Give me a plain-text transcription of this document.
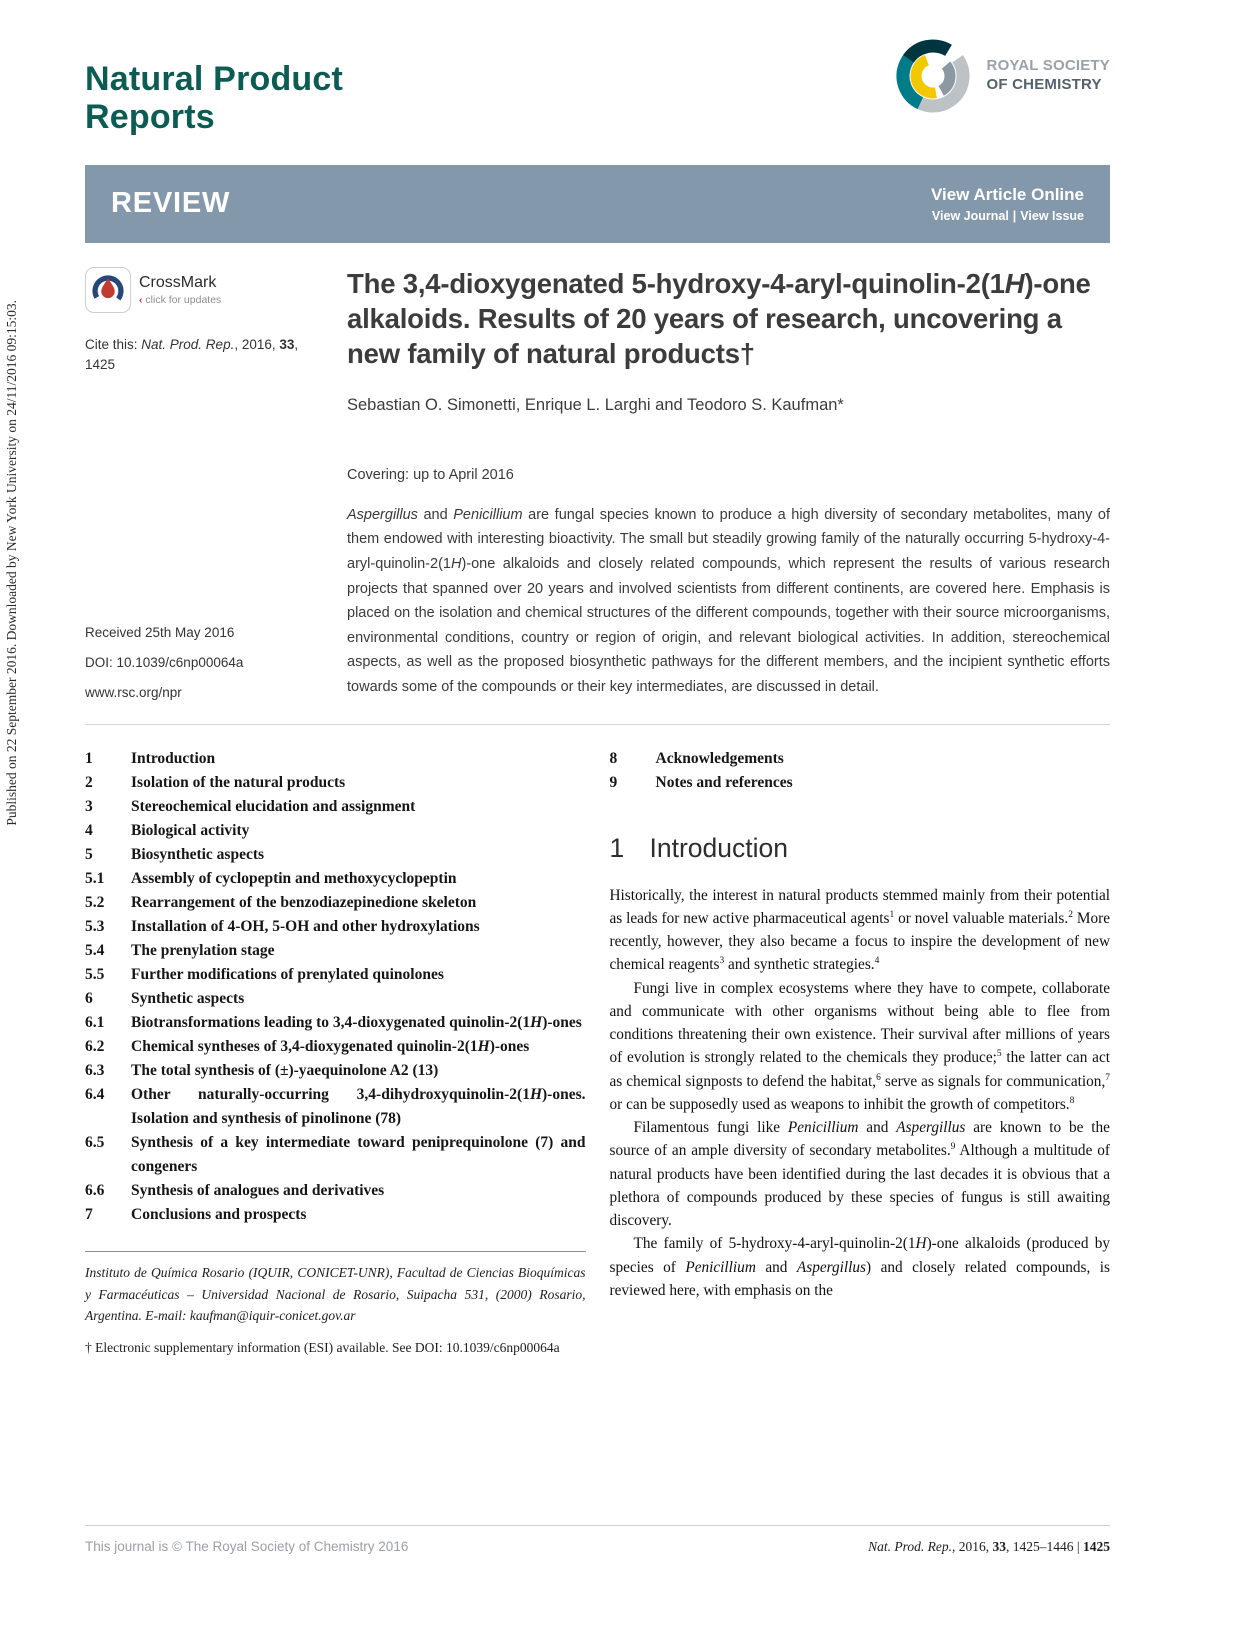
Published on 22 September 2016. Downloaded by New York University on 24/11/2016 09:15:03.
Natural Product
Reports
ROYAL SOCIETY
OF CHEMISTRY
REVIEW	View Article Online
View Journal | View Issue
CrossMark
‹ click for updates
Cite this: Nat. Prod. Rep., 2016, 33, 1425
The 3,4-dioxygenated 5-hydroxy-4-aryl-quinolin-2(1H)-one alkaloids. Results of 20 years of research, uncovering a new family of natural products†
Sebastian O. Simonetti, Enrique L. Larghi and Teodoro S. Kaufman*
Received 25th May 2016
DOI: 10.1039/c6np00064a
www.rsc.org/npr
Covering: up to April 2016

Aspergillus and Penicillium are fungal species known to produce a high diversity of secondary metabolites, many of them endowed with interesting bioactivity. The small but steadily growing family of the naturally occurring 5-hydroxy-4-aryl-quinolin-2(1H)-one alkaloids and closely related compounds, which represent the results of various research projects that spanned over 20 years and involved scientists from different continents, are covered here. Emphasis is placed on the isolation and chemical structures of the different compounds, together with their source microorganisms, environmental conditions, country or region of origin, and relevant biological activities. In addition, stereochemical aspects, as well as the proposed biosynthetic pathways for the different members, and the incipient synthetic efforts towards some of the compounds or their key intermediates, are discussed in detail.

1	Introduction
2	Isolation of the natural products
3	Stereochemical elucidation and assignment
4	Biological activity
5	Biosynthetic aspects
5.1	Assembly of cyclopeptin and methoxycyclopeptin
5.2	Rearrangement of the benzodiazepinedione skeleton
5.3	Installation of 4-OH, 5-OH and other hydroxylations
5.4	The prenylation stage
5.5	Further modifications of prenylated quinolones
6	Synthetic aspects
6.1	Biotransformations leading to 3,4-dioxygenated quinolin-2(1H)-ones
6.2	Chemical syntheses of 3,4-dioxygenated quinolin-2(1H)-ones
6.3	The total synthesis of (±)-yaequinolone A2 (13)
6.4	Other naturally-occurring 3,4-dihydroxyquinolin-2(1H)-ones. Isolation and synthesis of pinolinone (78)
6.5	Synthesis of a key intermediate toward peniprequinolone (7) and congeners
6.6	Synthesis of analogues and derivatives
7	Conclusions and prospects

Instituto de Química Rosario (IQUIR, CONICET-UNR), Facultad de Ciencias Bioquímicas y Farmacéuticas – Universidad Nacional de Rosario, Suipacha 531, (2000) Rosario, Argentina. E-mail: kaufman@iquir-conicet.gov.ar

† Electronic supplementary information (ESI) available. See DOI: 10.1039/c6np00064a

8	Acknowledgements
9	Notes and references
1 Introduction

Historically, the interest in natural products stemmed mainly from their potential as leads for new active pharmaceutical agents$^1$ or novel valuable materials.$^2$ More recently, however, they also became a focus to inspire the development of new chemical reagents$^3$ and synthetic strategies.$^4$

Fungi live in complex ecosystems where they have to compete, collaborate and communicate with other organisms without being able to flee from conditions threatening their own existence. Their survival after millions of years of evolution is strongly related to the chemicals they produce;$^5$ the latter can act as chemical signposts to defend the habitat,$^6$ serve as signals for communication,$^7$ or can be supposedly used as weapons to inhibit the growth of competitors.$^8$

Filamentous fungi like Penicillium and Aspergillus are known to be the source of an ample diversity of secondary metabolites.$^9$ Although a multitude of natural products have been identified during the last decades it is obvious that a plethora of compounds produced by these species of fungus is still awaiting discovery.

The family of 5-hydroxy-4-aryl-quinolin-2(1H)-one alkaloids (produced by species of Penicillium and Aspergillus) and closely related compounds, is reviewed here, with emphasis on the

This journal is © The Royal Society of Chemistry 2016	Nat. Prod. Rep., 2016, 33, 1425–1446 | 1425
